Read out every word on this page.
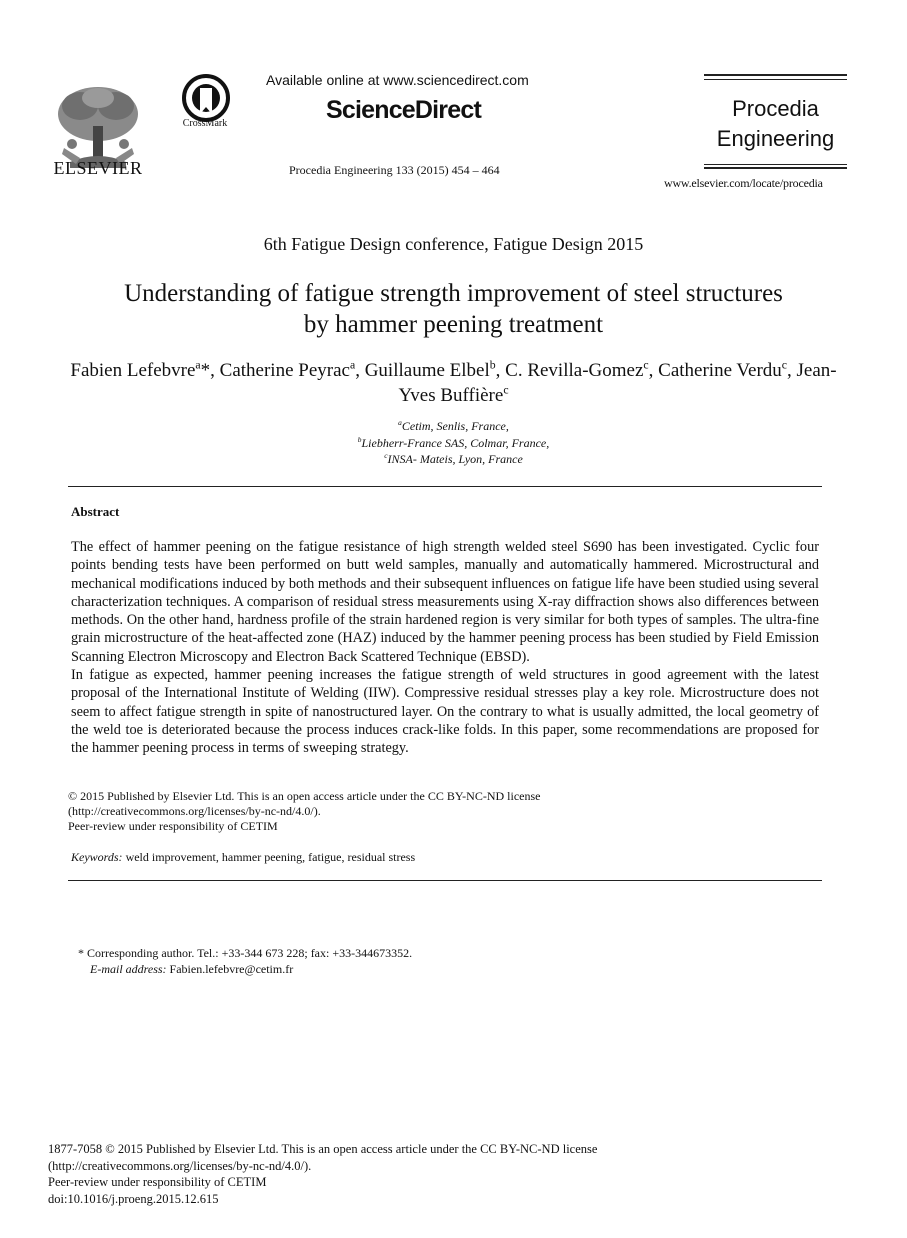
ELSEVIER
CrossMark
Available online at www.sciencedirect.com
ScienceDirect
Procedia Engineering 133 (2015) 454 – 464
Procedia
Engineering
www.elsevier.com/locate/procedia
6th Fatigue Design conference, Fatigue Design 2015
Understanding of fatigue strength improvement of steel structures
by hammer peening treatment
Fabien Lefebvre$^a$*, Catherine Peyrac$^a$, Guillaume Elbel$^b$, C. Revilla-Gomez$^c$, Catherine Verdu$^c$, Jean-Yves Buffière$^c$
$^a$Cetim, Senlis, France,
$^b$Liebherr-France SAS, Colmar, France,
$^c$INSA- Mateis, Lyon, France
Abstract

The effect of hammer peening on the fatigue resistance of high strength welded steel S690 has been investigated. Cyclic four points bending tests have been performed on butt weld samples, manually and automatically hammered. Microstructural and mechanical modifications induced by both methods and their subsequent influences on fatigue life have been studied using several characterization techniques. A comparison of residual stress measurements using X-ray diffraction shows also differences between methods. On the other hand, hardness profile of the strain hardened region is very similar for both types of samples. The ultra-fine grain microstructure of the heat-affected zone (HAZ) induced by the hammer peening process has been studied by Field Emission Scanning Electron Microscopy and Electron Back Scattered Technique (EBSD).

In fatigue as expected, hammer peening increases the fatigue strength of weld structures in good agreement with the latest proposal of the International Institute of Welding (IIW). Compressive residual stresses play a key role. Microstructure does not seem to affect fatigue strength in spite of nanostructured layer. On the contrary to what is usually admitted, the local geometry of the weld toe is deteriorated because the process induces crack-like folds. In this paper, some recommendations are proposed for the hammer peening process in terms of sweeping strategy.

© 2015 Published by Elsevier Ltd. This is an open access article under the CC BY-NC-ND license
(http://creativecommons.org/licenses/by-nc-nd/4.0/).
Peer-review under responsibility of CETIM
Keywords: weld improvement, hammer peening, fatigue, residual stress
* Corresponding author. Tel.: +33-344 673 228; fax: +33-344673352.
E-mail address: Fabien.lefebvre@cetim.fr
1877-7058 © 2015 Published by Elsevier Ltd. This is an open access article under the CC BY-NC-ND license
(http://creativecommons.org/licenses/by-nc-nd/4.0/).
Peer-review under responsibility of CETIM
doi:10.1016/j.proeng.2015.12.615
